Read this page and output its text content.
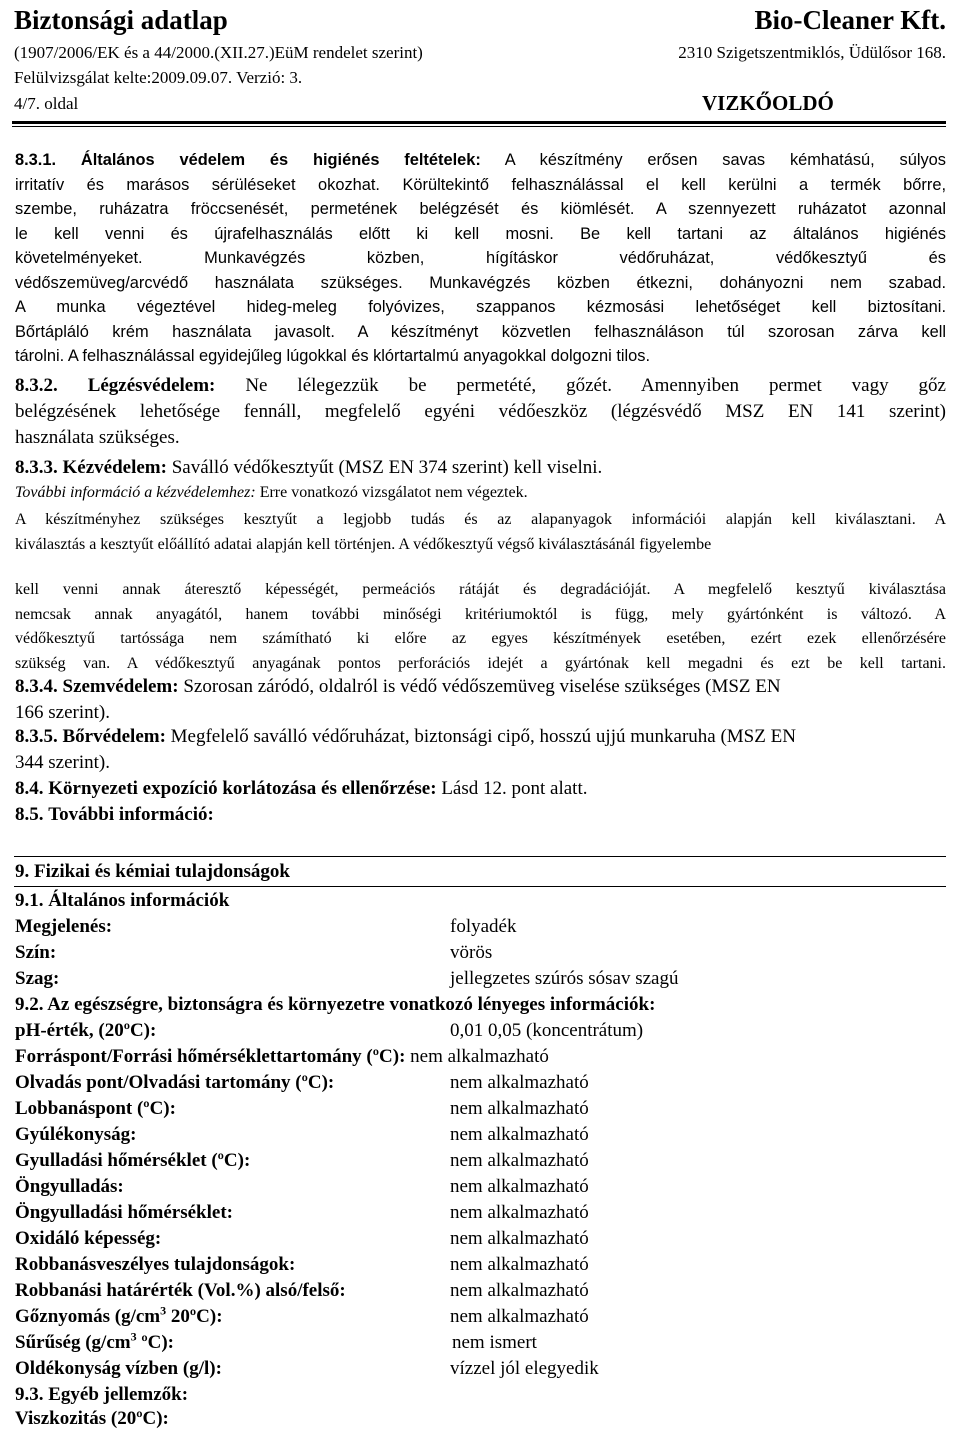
Biztonsági adatlap	Bio-Cleaner Kft.
(1907/2006/EK és a 44/2000.(XII.27.)EüM rendelet szerint)	2310 Szigetszentmiklós, Üdülősor 168.
Felülvizsgálat kelte:2009.09.07. Verzió: 3.
4/7. oldal	VIZKŐOLDÓ
8.3.1. Általános védelem és higiénés feltételek: A készítmény erősen savas kémhatású, súlyos
irritatív és marásos sérüléseket okozhat. Körültekintő felhasználással el kell kerülni a termék bőrre,
szembe, ruházatra fröccsenését, permetének belégzését és kiömlését. A szennyezett ruházatot azonnal
le kell venni és újrafelhasználás előtt ki kell mosni. Be kell tartani az általános higiénés
követelményeket. Munkavégzés közben, hígításkor védőruházat, védőkesztyű és
védőszemüveg/arcvédő használata szükséges. Munkavégzés közben étkezni, dohányozni nem szabad.
A munka végeztével hideg-meleg folyóvizes, szappanos kézmosási lehetőséget kell biztosítani.
Bőrtápláló krém használata javasolt. A készítményt közvetlen felhasználáson túl szorosan zárva kell
tárolni. A felhasználással egyidejűleg lúgokkal és klórtartalmú anyagokkal dolgozni tilos.
8.3.2. Légzésvédelem: Ne lélegezzük be permetété, gőzét. Amennyiben permet vagy gőz
belégzésének lehetősége fennáll, megfelelő egyéni védőeszköz (légzésvédő MSZ EN 141 szerint)
használata szükséges.
8.3.3. Kézvédelem: Saválló védőkesztyűt (MSZ EN 374 szerint) kell viselni.
További információ a kézvédelemhez: Erre vonatkozó vizsgálatot nem végeztek.
A készítményhez szükséges kesztyűt a legjobb tudás és az alapanyagok információi alapján kell kiválasztani. A
kiválasztás a kesztyűt előállító adatai alapján kell történjen. A védőkesztyű végső kiválasztásánál figyelembe
kell venni annak áteresztő képességét, permeációs rátáját és degradációját. A megfelelő kesztyű kiválasztása
nemcsak annak anyagától, hanem további minőségi kritériumoktól is függ, mely gyártónként is változó. A
védőkesztyű tartóssága nem számítható ki előre az egyes készítmények esetében, ezért ezek ellenőrzésére
szükség van. A védőkesztyű anyagának pontos perforációs idejét a gyártónak kell megadni és ezt be kell tartani.
8.3.4. Szemvédelem: Szorosan záródó, oldalról is védő védőszemüveg viselése szükséges (MSZ EN
166 szerint).
8.3.5. Bőrvédelem: Megfelelő saválló védőruházat, biztonsági cipő, hosszú ujjú munkaruha (MSZ EN
344 szerint).
8.4. Környezeti expozíció korlátozása és ellenőrzése: Lásd 12. pont alatt.
8.5. További információ:
9. Fizikai és kémiai tulajdonságok
9.1. Általános információk
Megjelenés:	folyadék
Szín:	vörös
Szag:	jellegzetes szúrós sósav szagú
9.2. Az egészségre, biztonságra és környezetre vonatkozó lényeges információk:
pH-érték, (20ºC):	0,01 0,05 (koncentrátum)
Forráspont/Forrási hőmérséklettartomány (ºC): nem alkalmazható
Olvadás pont/Olvadási tartomány (ºC):	nem alkalmazható
Lobbanáspont (ºC):	nem alkalmazható
Gyúlékonyság:	nem alkalmazható
Gyulladási hőmérséklet (ºC):	nem alkalmazható
Öngyulladás:	nem alkalmazható
Öngyulladási hőmérséklet:	nem alkalmazható
Oxidáló képesség:	nem alkalmazható
Robbanásveszélyes tulajdonságok:	nem alkalmazható
Robbanási határérték (Vol.%) alsó/felső:	nem alkalmazható
Gőznyomás ($g/cm^3$ 20ºC):	nem alkalmazható
Sűrűség ($g/cm^3$ ºC):	nem ismert
Oldékonyság vízben (g/l):	vízzel jól elegyedik
9.3. Egyéb jellemzők:
Viszkozitás (20ºC):
